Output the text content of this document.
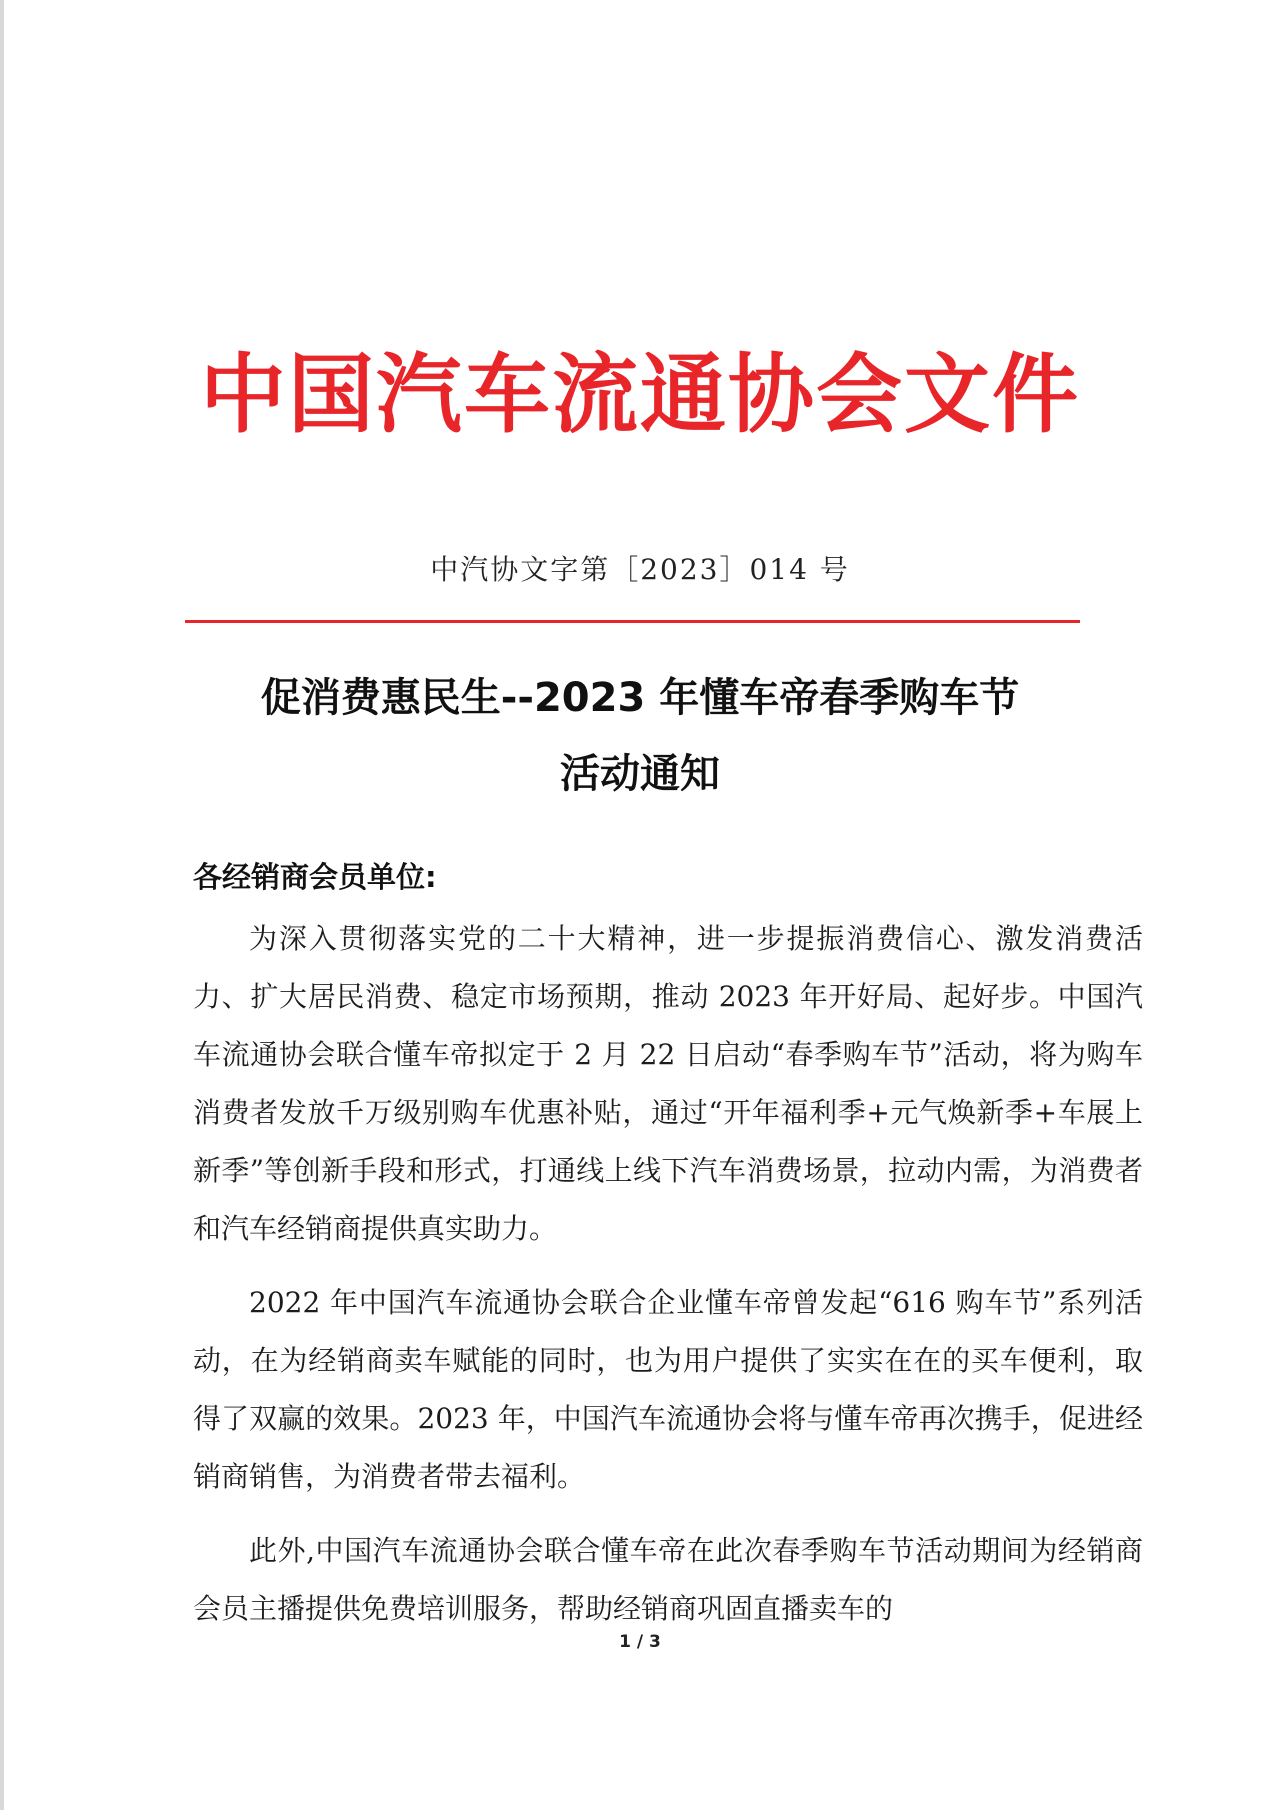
中国汽车流通协会文件
中汽协文字第［2023］014 号
促消费惠民生--2023 年懂车帝春季购车节
活动通知
各经销商会员单位:

为深入贯彻落实党的二十大精神，进一步提振消费信心、激发消费活力、扩大居民消费、稳定市场预期，推动 2023 年开好局、起好步。中国汽车流通协会联合懂车帝拟定于 2 月 22 日启动“春季购车节”活动，将为购车消费者发放千万级别购车优惠补贴，通过“开年福利季+元气焕新季+车展上新季”等创新手段和形式，打通线上线下汽车消费场景，拉动内需，为消费者和汽车经销商提供真实助力。

2022 年中国汽车流通协会联合企业懂车帝曾发起“616 购车节”系列活动，在为经销商卖车赋能的同时，也为用户提供了实实在在的买车便利，取得了双赢的效果。2023 年，中国汽车流通协会将与懂车帝再次携手，促进经销商销售，为消费者带去福利。

此外,中国汽车流通协会联合懂车帝在此次春季购车节活动期间为经销商会员主播提供免费培训服务，帮助经销商巩固直播卖车的

1 / 3
